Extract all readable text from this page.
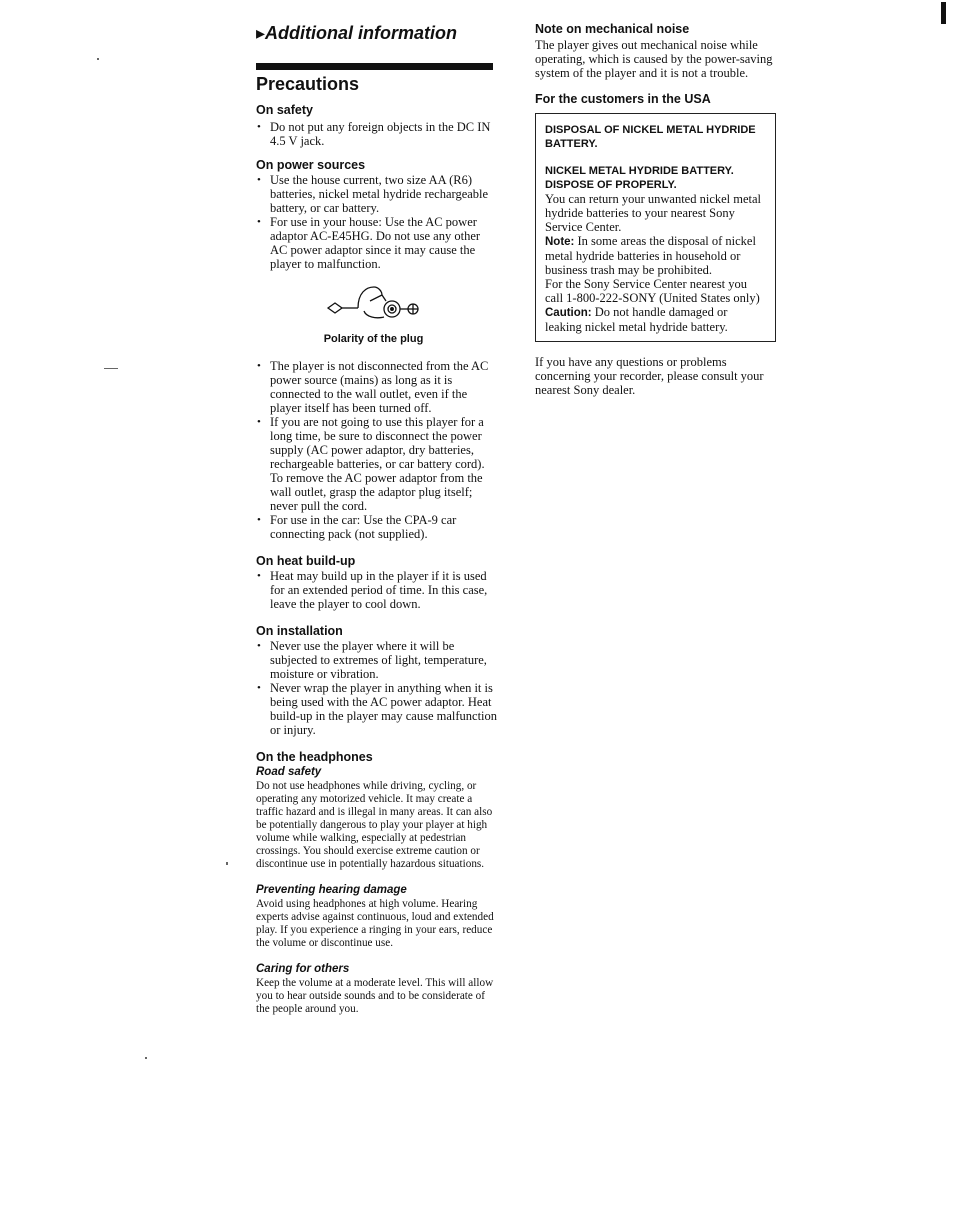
▸Additional information
Precautions
On safety
• Do not put any foreign objects in the DC IN 4.5 V jack.
On power sources
• Use the house current, two size AA (R6) batteries, nickel metal hydride rechargeable battery, or car battery.
• For use in your house: Use the AC power adaptor AC-E45HG. Do not use any other AC power adaptor since it may cause the player to malfunction.
Polarity of the plug
• The player is not disconnected from the AC power source (mains) as long as it is connected to the wall outlet, even if the player itself has been turned off.
• If you are not going to use this player for a long time, be sure to disconnect the power supply (AC power adaptor, dry batteries, rechargeable batteries, or car battery cord). To remove the AC power adaptor from the wall outlet, grasp the adaptor plug itself; never pull the cord.
• For use in the car: Use the CPA-9 car connecting pack (not supplied).
On heat build-up
• Heat may build up in the player if it is used for an extended period of time. In this case, leave the player to cool down.
On installation
• Never use the player where it will be subjected to extremes of light, temperature, moisture or vibration.
• Never wrap the player in anything when it is being used with the AC power adaptor. Heat build-up in the player may cause malfunction or injury.
On the headphones
Road safety

Do not use headphones while driving, cycling, or operating any motorized vehicle. It may create a traffic hazard and is illegal in many areas. It can also be potentially dangerous to play your player at high volume while walking, especially at pedestrian crossings. You should exercise extreme caution or discontinue use in potentially hazardous situations.

Preventing hearing damage

Avoid using headphones at high volume. Hearing experts advise against continuous, loud and extended play. If you experience a ringing in your ears, reduce the volume or discontinue use.

Caring for others

Keep the volume at a moderate level. This will allow you to hear outside sounds and to be considerate of the people around you.

Note on mechanical noise

The player gives out mechanical noise while operating, which is caused by the power-saving system of the player and it is not a trouble.

For the customers in the USA
DISPOSAL OF NICKEL METAL HYDRIDE BATTERY.
NICKEL METAL HYDRIDE BATTERY. DISPOSE OF PROPERLY.

You can return your unwanted nickel metal hydride batteries to your nearest Sony Service Center.

Note: In some areas the disposal of nickel metal hydride batteries in household or business trash may be prohibited.

For the Sony Service Center nearest you call 1-800-222-SONY (United States only)

Caution: Do not handle damaged or leaking nickel metal hydride battery.

If you have any questions or problems concerning your recorder, please consult your nearest Sony dealer.
